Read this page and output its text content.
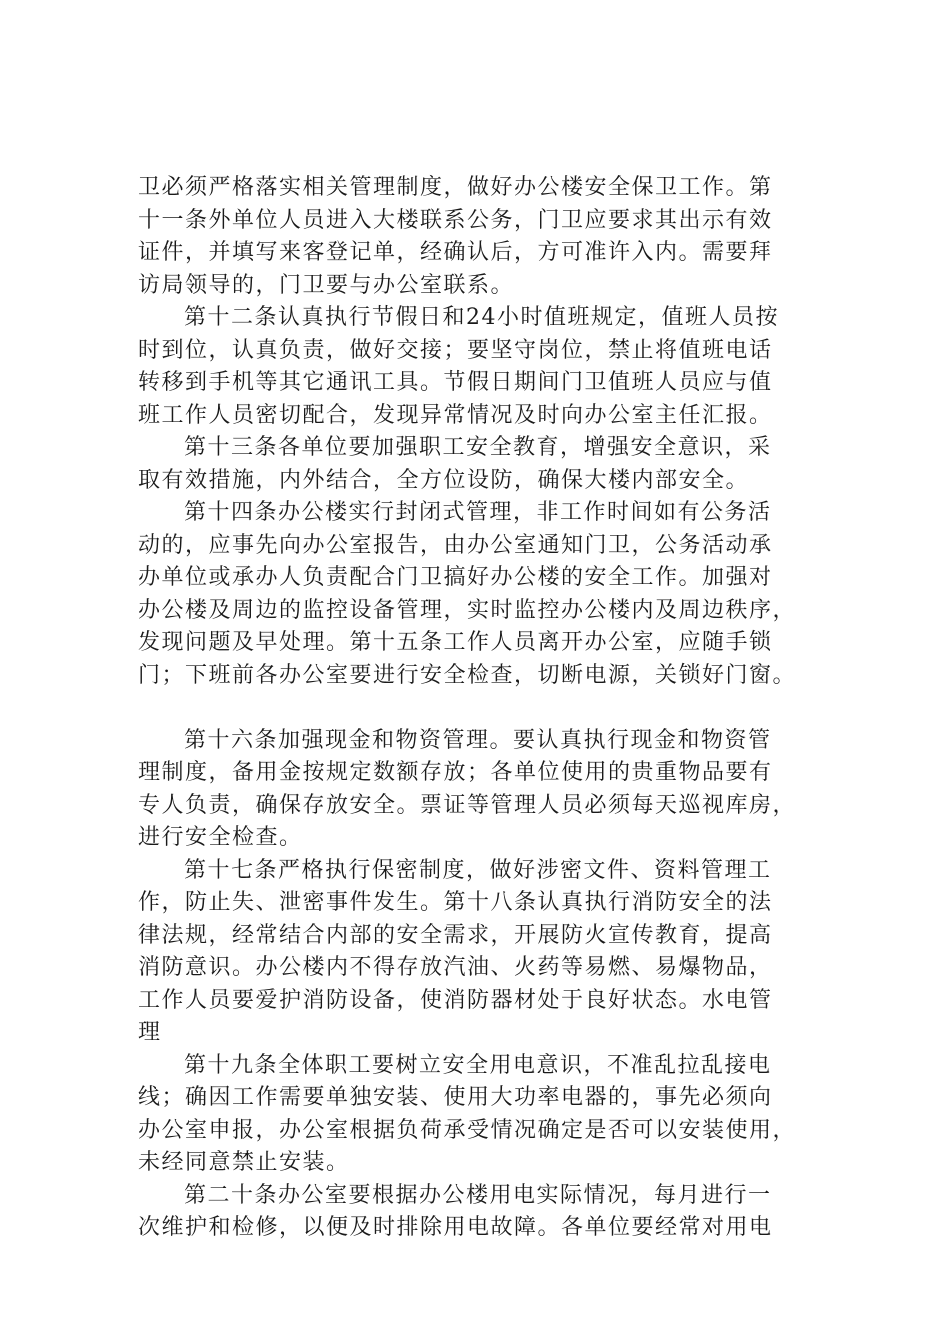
卫必须严格落实相关管理制度，做好办公楼安全保卫工作。第
十一条外单位人员进入大楼联系公务，门卫应要求其出示有效
证件，并填写来客登记单，经确认后，方可准许入内。需要拜
访局领导的，门卫要与办公室联系。
第十二条认真执行节假日和24小时值班规定，值班人员按
时到位，认真负责，做好交接；要坚守岗位，禁止将值班电话
转移到手机等其它通讯工具。节假日期间门卫值班人员应与值
班工作人员密切配合，发现异常情况及时向办公室主任汇报。
第十三条各单位要加强职工安全教育，增强安全意识，采
取有效措施，内外结合，全方位设防，确保大楼内部安全。
第十四条办公楼实行封闭式管理，非工作时间如有公务活
动的，应事先向办公室报告，由办公室通知门卫，公务活动承
办单位或承办人负责配合门卫搞好办公楼的安全工作。加强对
办公楼及周边的监控设备管理，实时监控办公楼内及周边秩序，
发现问题及早处理。第十五条工作人员离开办公室，应随手锁
门；下班前各办公室要进行安全检查，切断电源，关锁好门窗。
第十六条加强现金和物资管理。要认真执行现金和物资管
理制度，备用金按规定数额存放；各单位使用的贵重物品要有
专人负责，确保存放安全。票证等管理人员必须每天巡视库房，
进行安全检查。
第十七条严格执行保密制度，做好涉密文件、资料管理工
作，防止失、泄密事件发生。第十八条认真执行消防安全的法
律法规，经常结合内部的安全需求，开展防火宣传教育，提高
消防意识。办公楼内不得存放汽油、火药等易燃、易爆物品，
工作人员要爱护消防设备，使消防器材处于良好状态。水电管
理
第十九条全体职工要树立安全用电意识，不准乱拉乱接电
线；确因工作需要单独安装、使用大功率电器的，事先必须向
办公室申报，办公室根据负荷承受情况确定是否可以安装使用，
未经同意禁止安装。
第二十条办公室要根据办公楼用电实际情况，每月进行一
次维护和检修，以便及时排除用电故障。各单位要经常对用电
